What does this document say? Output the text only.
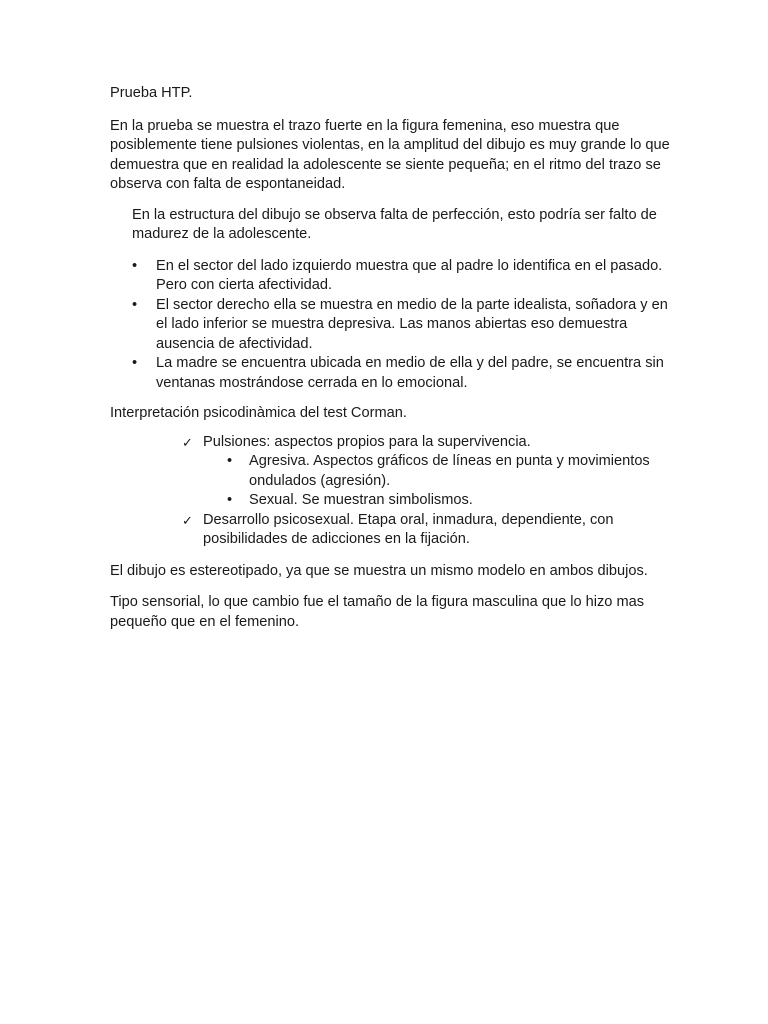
Prueba HTP.

En la prueba se muestra el trazo fuerte en la figura femenina, eso muestra que posiblemente tiene pulsiones violentas, en la amplitud del dibujo es muy grande lo que demuestra que en realidad la adolescente se siente pequeña; en el ritmo del trazo se observa con falta de espontaneidad.

En la estructura del dibujo se observa falta de perfección, esto podría ser falto de madurez de la adolescente.

• En el sector del lado izquierdo muestra que al padre lo identifica en el pasado. Pero con cierta afectividad.
• El sector derecho ella se muestra en medio de la parte idealista, soñadora y en el lado inferior se muestra depresiva. Las manos abiertas eso demuestra ausencia de afectividad.
• La madre se encuentra ubicada en medio de ella y del padre, se encuentra sin ventanas mostrándose cerrada en lo emocional.

Interpretación psicodinàmica del test Corman.

✓ Pulsiones: aspectos propios para la supervivencia.
• Agresiva. Aspectos gráficos de líneas en punta y movimientos ondulados (agresión).
• Sexual. Se muestran simbolismos.
✓ Desarrollo psicosexual. Etapa oral, inmadura, dependiente, con posibilidades de adicciones en la fijación.

El dibujo es estereotipado, ya que se muestra un mismo modelo en ambos dibujos.

Tipo sensorial, lo que cambio fue el tamaño de la figura masculina que lo hizo mas pequeño que en el femenino.
